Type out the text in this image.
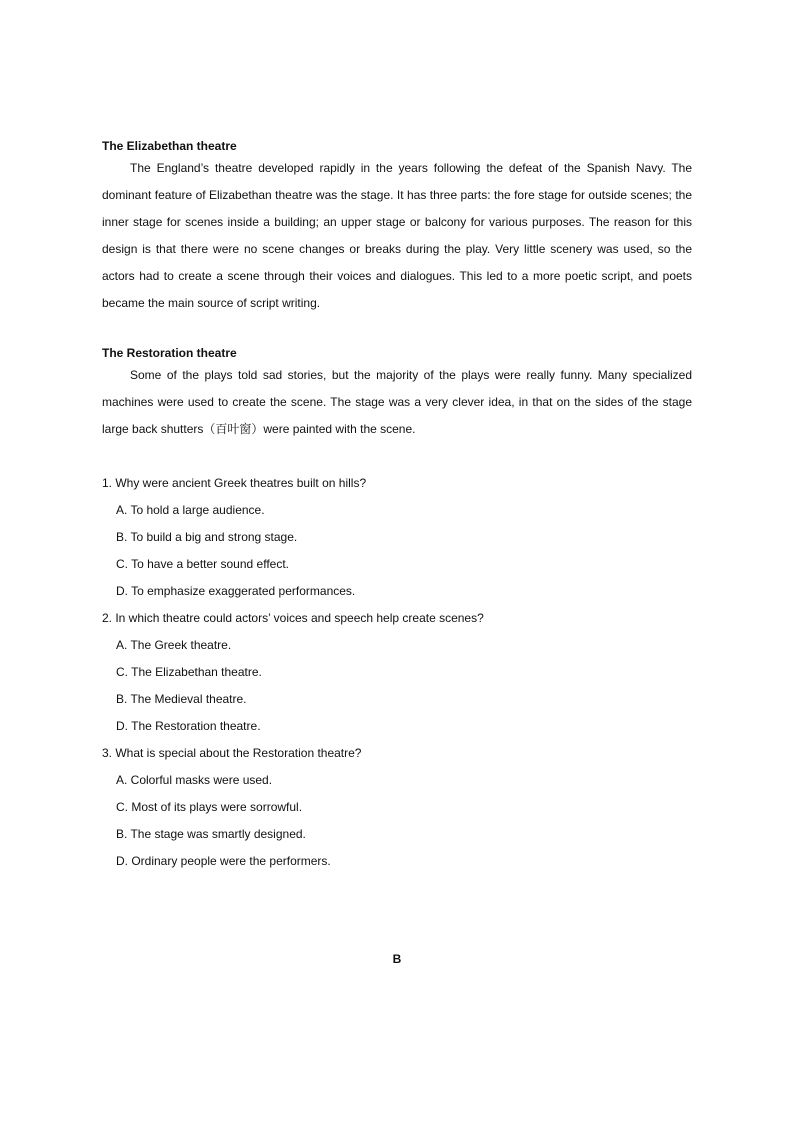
The Elizabethan theatre

The England’s theatre developed rapidly in the years following the defeat of the Spanish Navy. The dominant feature of Elizabethan theatre was the stage. It has three parts: the fore stage for outside scenes; the inner stage for scenes inside a building; an upper stage or balcony for various purposes. The reason for this design is that there were no scene changes or breaks during the play. Very little scenery was used, so the actors had to create a scene through their voices and dialogues. This led to a more poetic script, and poets became the main source of script writing.

The Restoration theatre

Some of the plays told sad stories, but the majority of the plays were really funny. Many specialized machines were used to create the scene. The stage was a very clever idea, in that on the sides of the stage large back shutters（百叶窗）were painted with the scene.

1. Why were ancient Greek theatres built on hills?

A. To hold a large audience.

B. To build a big and strong stage.

C. To have a better sound effect.

D. To emphasize exaggerated performances.

2. In which theatre could actors’ voices and speech help create scenes?

A. The Greek theatre.

C. The Elizabethan theatre.

B. The Medieval theatre.

D. The Restoration theatre.

3. What is special about the Restoration theatre?

A. Colorful masks were used.

C. Most of its plays were sorrowful.

B. The stage was smartly designed.

D. Ordinary people were the performers.

B
